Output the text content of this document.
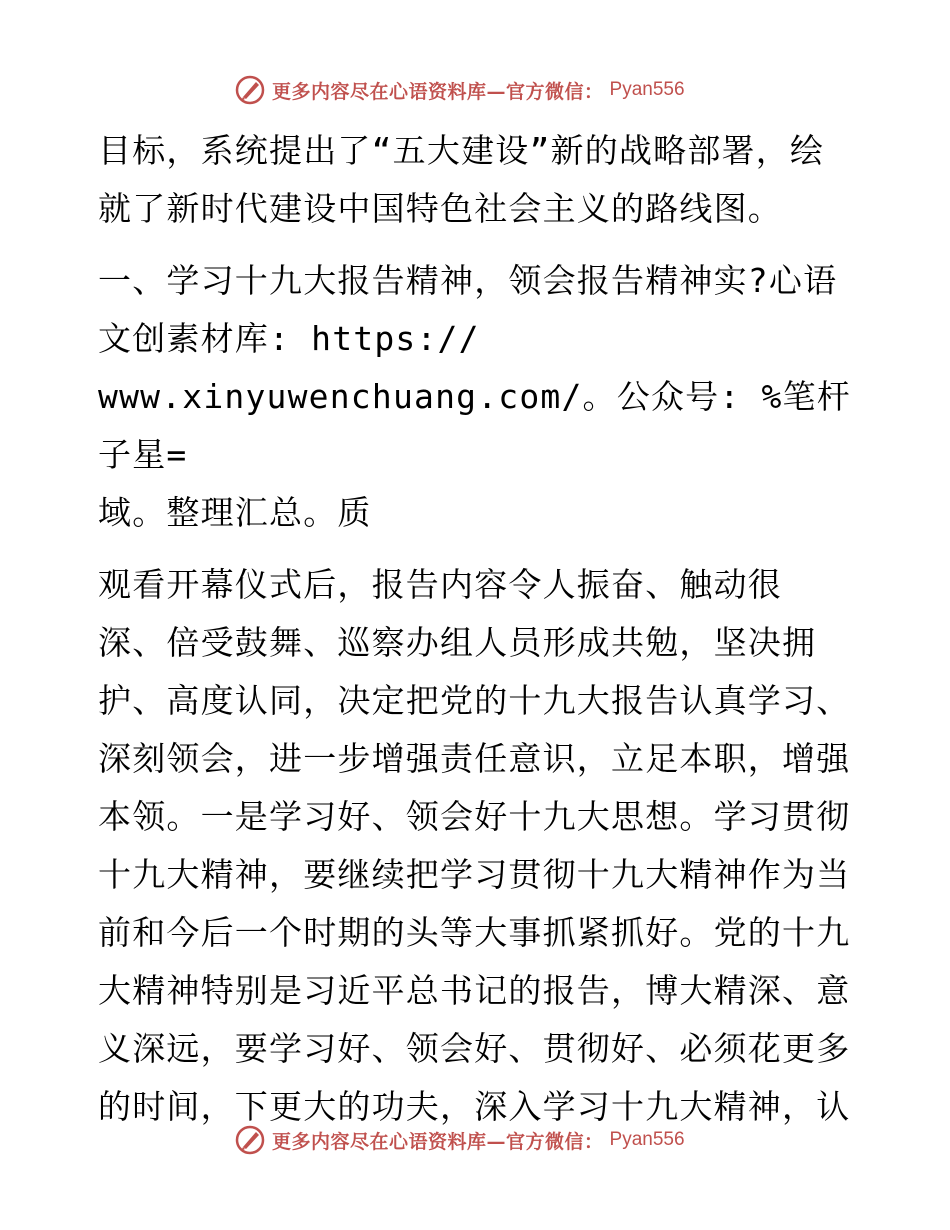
更多内容尽在心语资料库—官方微信： Pyan556

目标，系统提出了“五大建设”新的战略部署，绘
就了新时代建设中国特色社会主义的路线图。

一、学习十九大报告精神，领会报告精神实?心语
文创素材库: https://
www.xinyuwenchuang.com/。公众号: %笔杆子星=
域。整理汇总。质

观看开幕仪式后，报告内容令人振奋、触动很
深、倍受鼓舞、巡察办组人员形成共勉，坚决拥
护、高度认同，决定把党的十九大报告认真学习、
深刻领会，进一步增强责任意识，立足本职，增强
本领。一是学习好、领会好十九大思想。学习贯彻
十九大精神，要继续把学习贯彻十九大精神作为当
前和今后一个时期的头等大事抓紧抓好。党的十九
大精神特别是习近平总书记的报告，博大精深、意
义深远，要学习好、领会好、贯彻好、必须花更多
的时间，下更大的功夫，深入学习十九大精神，认

更多内容尽在心语资料库—官方微信： Pyan556
